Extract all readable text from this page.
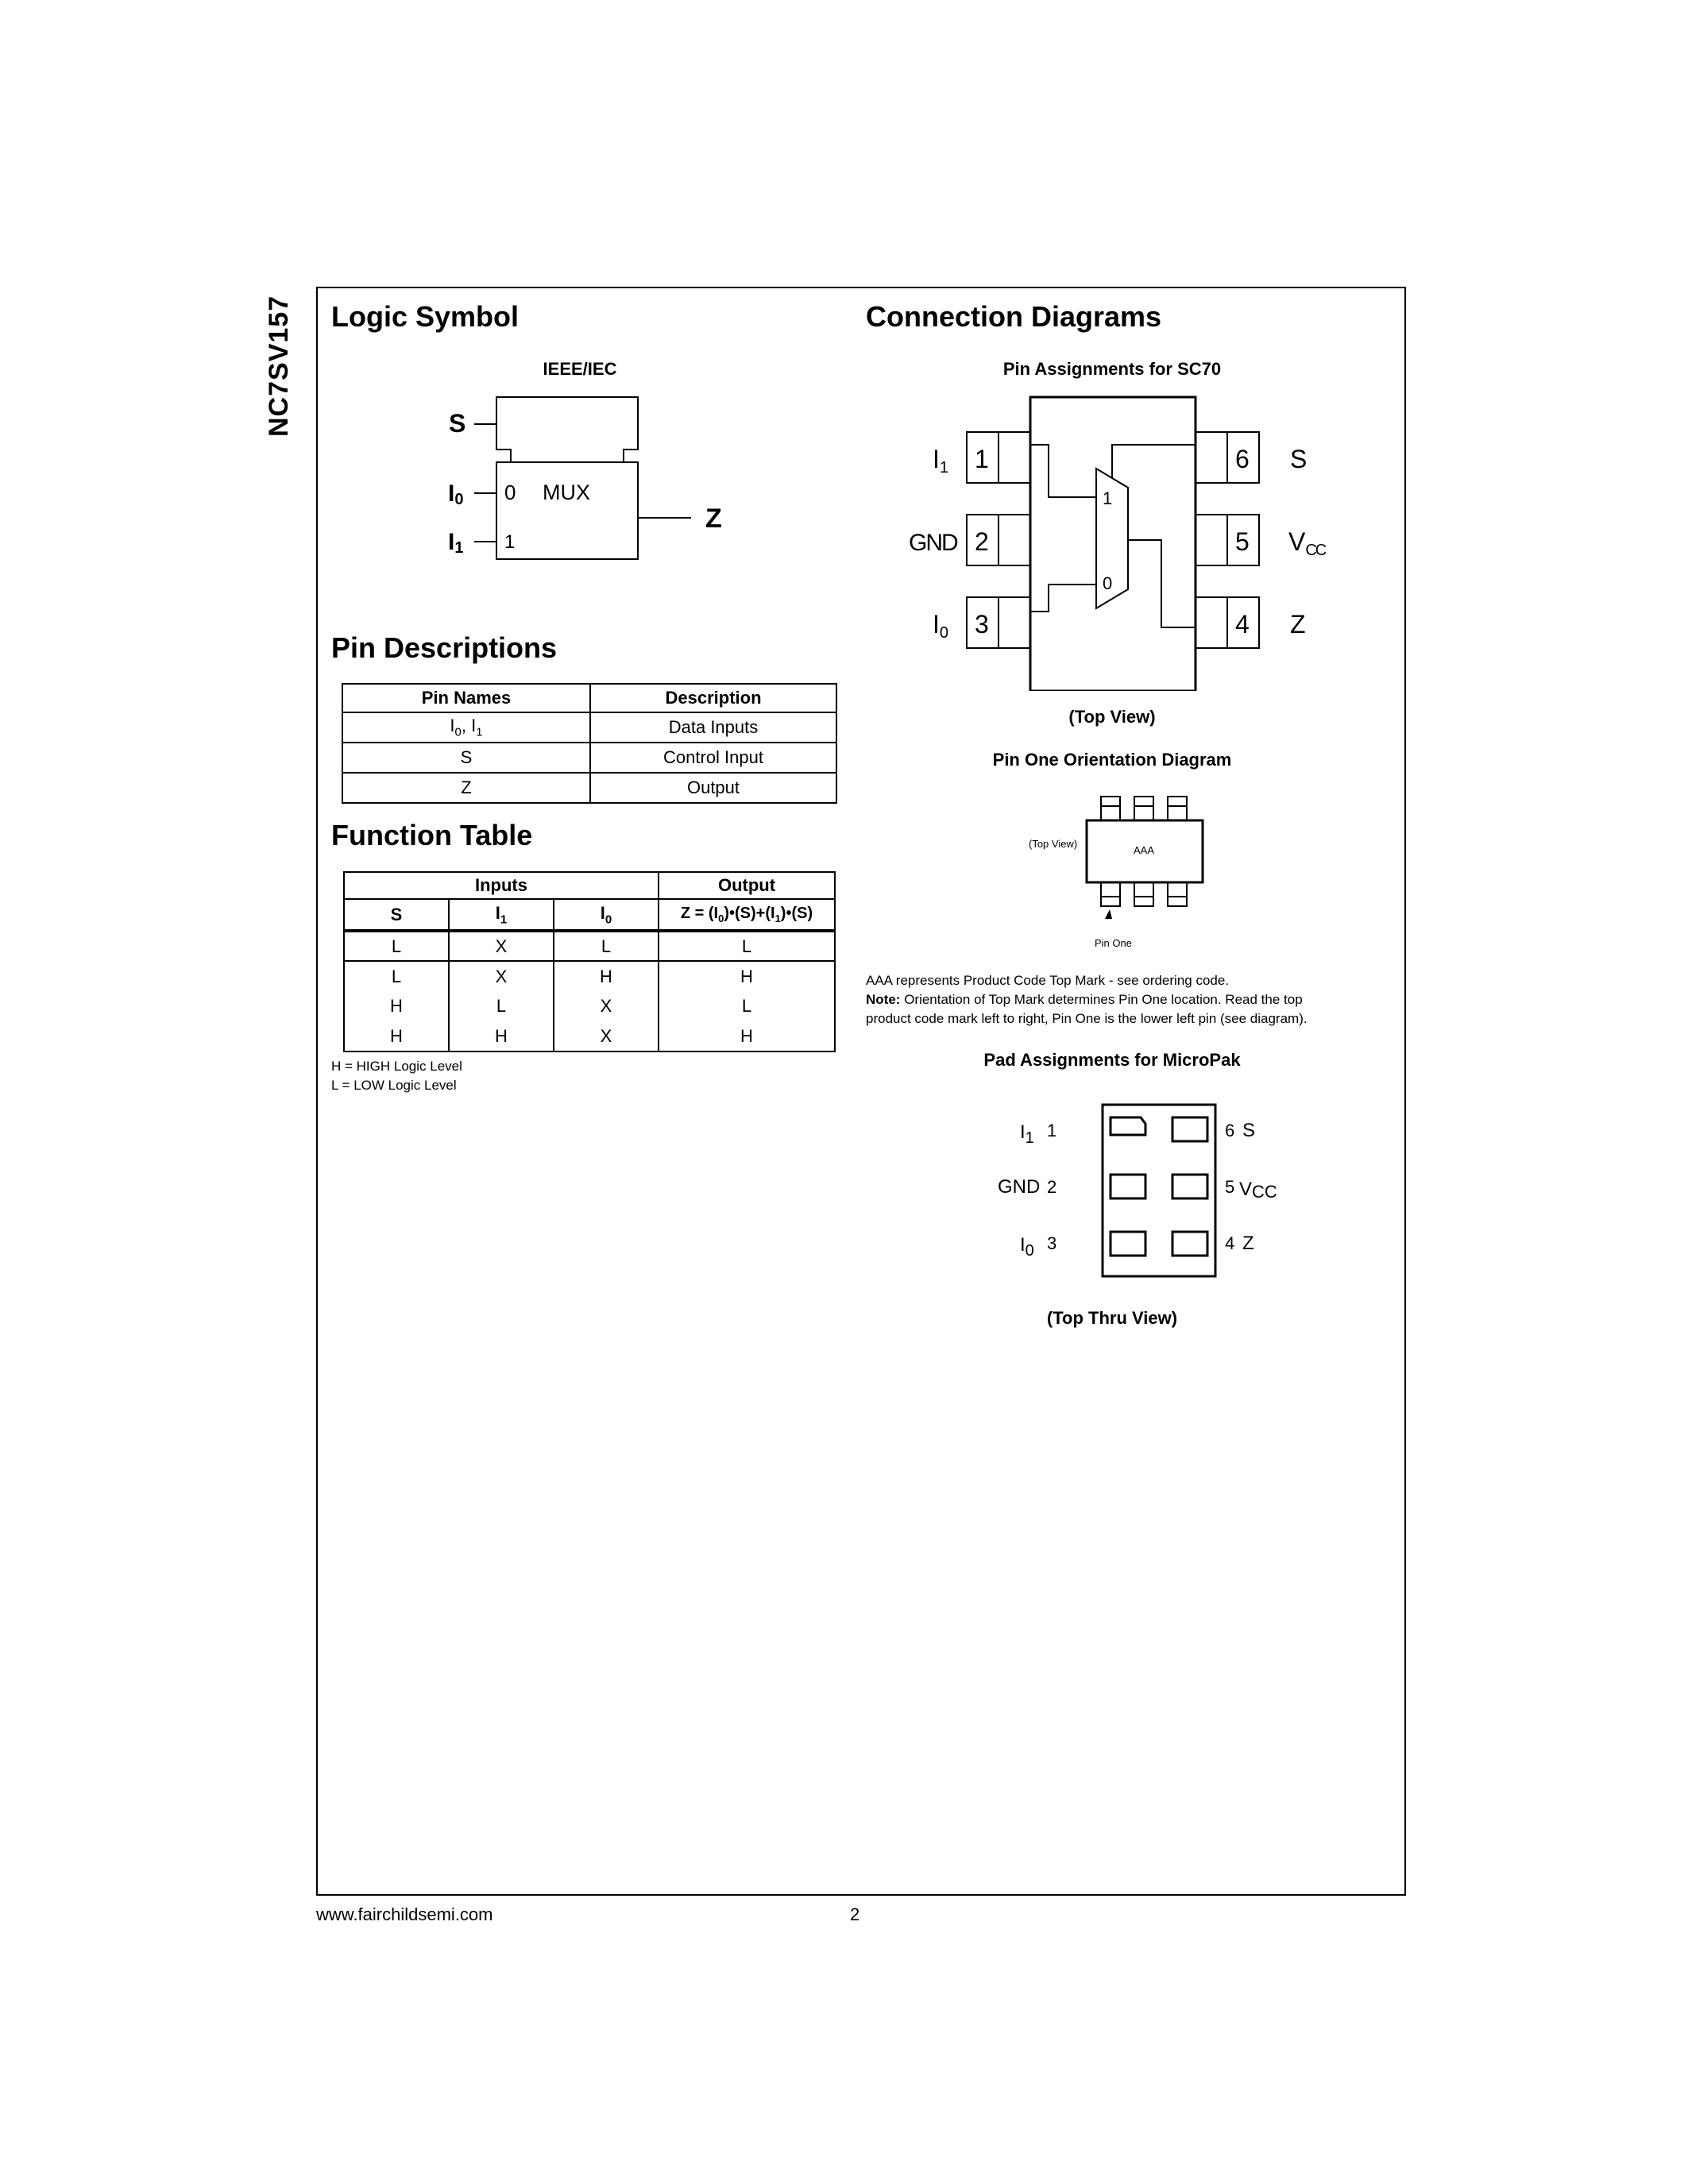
NC7SV157 Logic Symbol
IEEE/IEC
S
I0
I1
0
1
MUX
Z
Pin Descriptions
Pin Names	Description
$I_0$, $I_1$	Data Inputs
S	Control Input
Z	Output
Function Table
Inputs			Output
S	$I_1$	$I_0$	$Z = (I_0)•(S)+(I_1)•(S)$
L	X	L	L
L	X	H	H
H	L	X	L
H	H	X	H
H = HIGH Logic Level
L = LOW Logic Level
Connection Diagrams
Pin Assignments for SC70
1
0
1
2
3
6
5
4
I1
GND
I0
S
VCC
Z
(Top View)
Pin One Orientation Diagram
(Top View)
AAA
Pin One
AAA represents Product Code Top Mark - see ordering code.
Note: Orientation of Top Mark determines Pin One location. Read the top
product code mark left to right, Pin One is the lower left pin (see diagram).
Pad Assignments for MicroPak
$I_1$ 1
GND 2
$I_0$ 3
6 S
5 VCC
4 Z
(Top Thru View)
www.fairchildsemi.com	2
